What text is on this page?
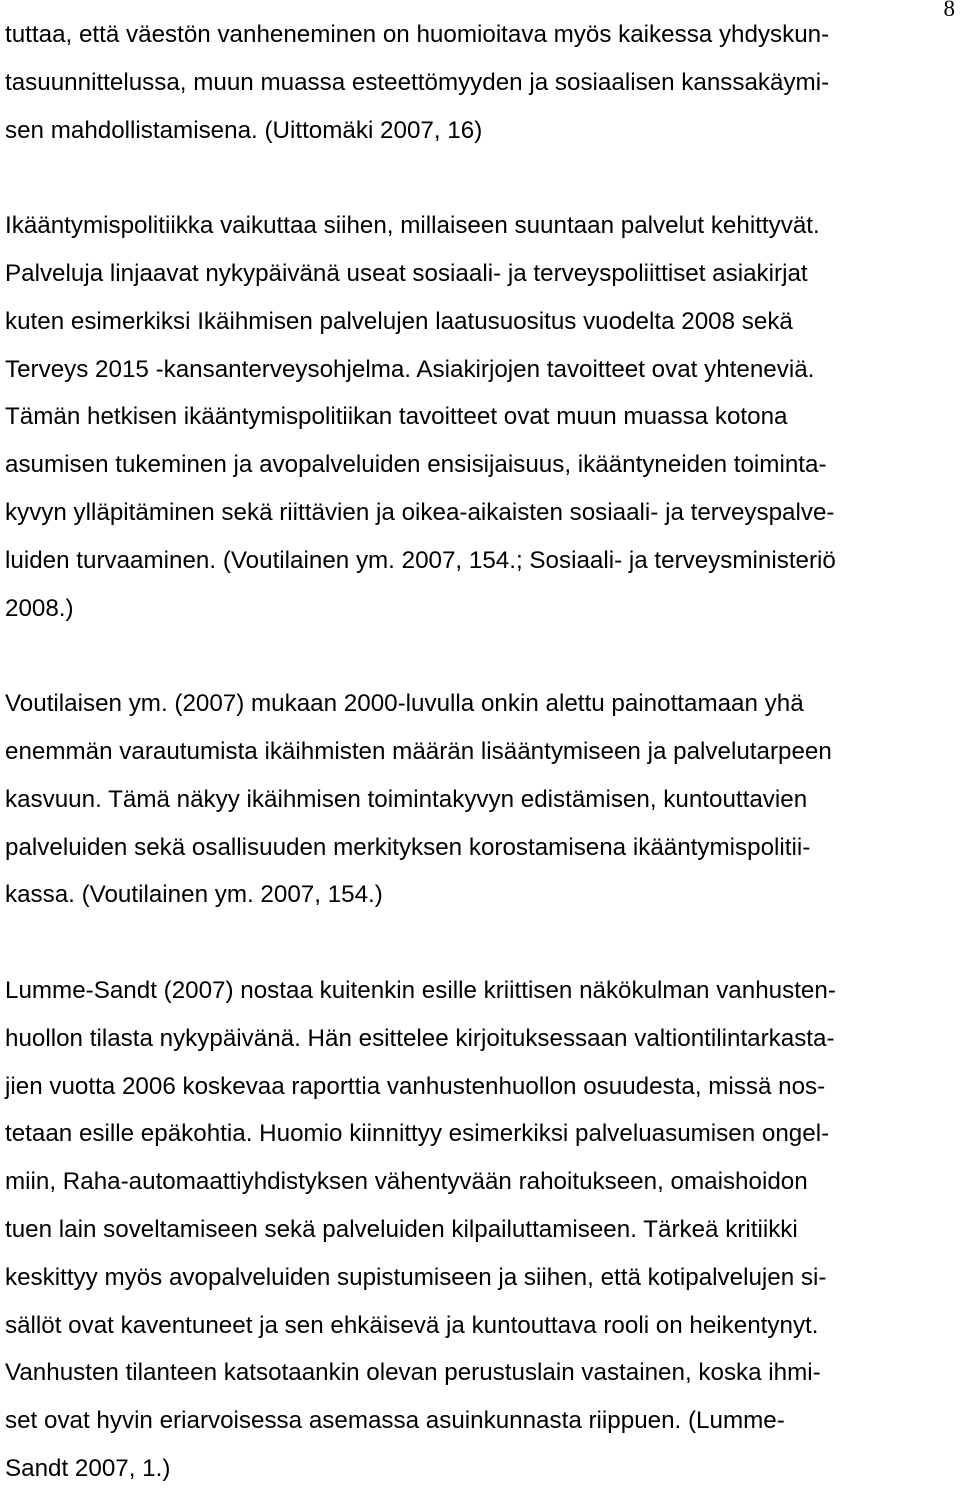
8
tuttaa, että väestön vanheneminen on huomioitava myös kaikessa yhdyskun-
tasuunnittelussa, muun muassa esteettömyyden ja sosiaalisen kanssakäymi-
sen mahdollistamisena. (Uittomäki 2007, 16)
Ikääntymispolitiikka vaikuttaa siihen, millaiseen suuntaan palvelut kehittyvät.
Palveluja linjaavat nykypäivänä useat sosiaali- ja terveyspoliittiset asiakirjat
kuten esimerkiksi Ikäihmisen palvelujen laatusuositus vuodelta 2008 sekä
Terveys 2015 -kansanterveysohjelma. Asiakirjojen tavoitteet ovat yhteneviä.
Tämän hetkisen ikääntymispolitiikan tavoitteet ovat muun muassa kotona
asumisen tukeminen ja avopalveluiden ensisijaisuus, ikääntyneiden toiminta-
kyvyn ylläpitäminen sekä riittävien ja oikea-aikaisten sosiaali- ja terveyspalve-
luiden turvaaminen. (Voutilainen ym. 2007, 154.; Sosiaali- ja terveysministeriö
2008.)
Voutilaisen ym. (2007) mukaan 2000-luvulla onkin alettu painottamaan yhä
enemmän varautumista ikäihmisten määrän lisääntymiseen ja palvelutarpeen
kasvuun. Tämä näkyy ikäihmisen toimintakyvyn edistämisen, kuntouttavien
palveluiden sekä osallisuuden merkityksen korostamisena ikääntymispolitii-
kassa. (Voutilainen ym. 2007, 154.)
Lumme-Sandt (2007) nostaa kuitenkin esille kriittisen näkökulman vanhusten-
huollon tilasta nykypäivänä. Hän esittelee kirjoituksessaan valtiontilintarkasta-
jien vuotta 2006 koskevaa raporttia vanhustenhuollon osuudesta, missä nos-
tetaan esille epäkohtia. Huomio kiinnittyy esimerkiksi palveluasumisen ongel-
miin, Raha-automaattiyhdistyksen vähentyvään rahoitukseen, omaishoidon
tuen lain soveltamiseen sekä palveluiden kilpailuttamiseen. Tärkeä kritiikki
keskittyy myös avopalveluiden supistumiseen ja siihen, että kotipalvelujen si-
sällöt ovat kaventuneet ja sen ehkäisevä ja kuntouttava rooli on heikentynyt.
Vanhusten tilanteen katsotaankin olevan perustuslain vastainen, koska ihmi-
set ovat hyvin eriarvoisessa asemassa asuinkunnasta riippuen. (Lumme-
Sandt 2007, 1.)
